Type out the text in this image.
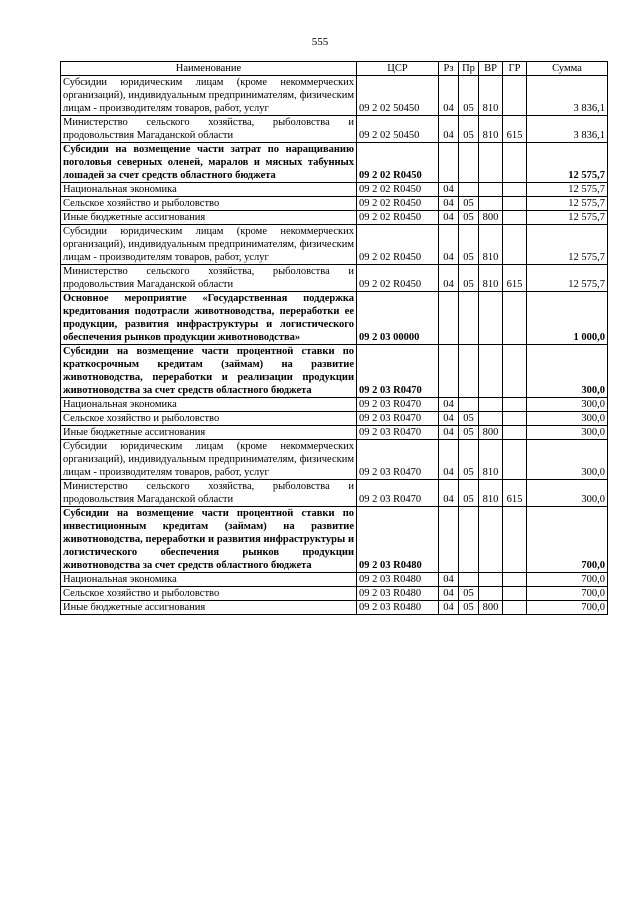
555
Наименование	ЦСР	Рз	Пр	ВР	ГР	Сумма
Субсидии юридическим лицам (кроме некоммерческих организаций), индивидуальным предпринимателям, физическим лицам - производителям товаров, работ, услуг	09 2 02 50450	04	05	810		3 836,1
Министерство сельского хозяйства, рыболовства и продовольствия Магаданской области	09 2 02 50450	04	05	810	615	3 836,1
Субсидии на возмещение части затрат по наращиванию поголовья северных оленей, маралов и мясных табунных лошадей за счет средств областного бюджета	09 2 02 R0450					12 575,7
Национальная экономика	09 2 02 R0450	04				12 575,7
Сельское хозяйство и рыболовство	09 2 02 R0450	04	05			12 575,7
Иные бюджетные ассигнования	09 2 02 R0450	04	05	800		12 575,7
Субсидии юридическим лицам (кроме некоммерческих организаций), индивидуальным предпринимателям, физическим лицам - производителям товаров, работ, услуг	09 2 02 R0450	04	05	810		12 575,7
Министерство сельского хозяйства, рыболовства и продовольствия Магаданской области	09 2 02 R0450	04	05	810	615	12 575,7
Основное мероприятие «Государственная поддержка кредитования подотрасли животноводства, переработки ее продукции, развития инфраструктуры и логистического обеспечения рынков продукции животноводства»	09 2 03 00000					1 000,0
Субсидии на возмещение части процентной ставки по краткосрочным кредитам (займам) на развитие животноводства, переработки и реализации продукции животноводства за счет средств областного бюджета	09 2 03 R0470					300,0
Национальная экономика	09 2 03 R0470	04				300,0
Сельское хозяйство и рыболовство	09 2 03 R0470	04	05			300,0
Иные бюджетные ассигнования	09 2 03 R0470	04	05	800		300,0
Субсидии юридическим лицам (кроме некоммерческих организаций), индивидуальным предпринимателям, физическим лицам - производителям товаров, работ, услуг	09 2 03 R0470	04	05	810		300,0
Министерство сельского хозяйства, рыболовства и продовольствия Магаданской области	09 2 03 R0470	04	05	810	615	300,0
Субсидии на возмещение части процентной ставки по инвестиционным кредитам (займам) на развитие животноводства, переработки и развития инфраструктуры и логистического обеспечения рынков продукции животноводства за счет средств областного бюджета	09 2 03 R0480					700,0
Национальная экономика	09 2 03 R0480	04				700,0
Сельское хозяйство и рыболовство	09 2 03 R0480	04	05			700,0
Иные бюджетные ассигнования	09 2 03 R0480	04	05	800		700,0
